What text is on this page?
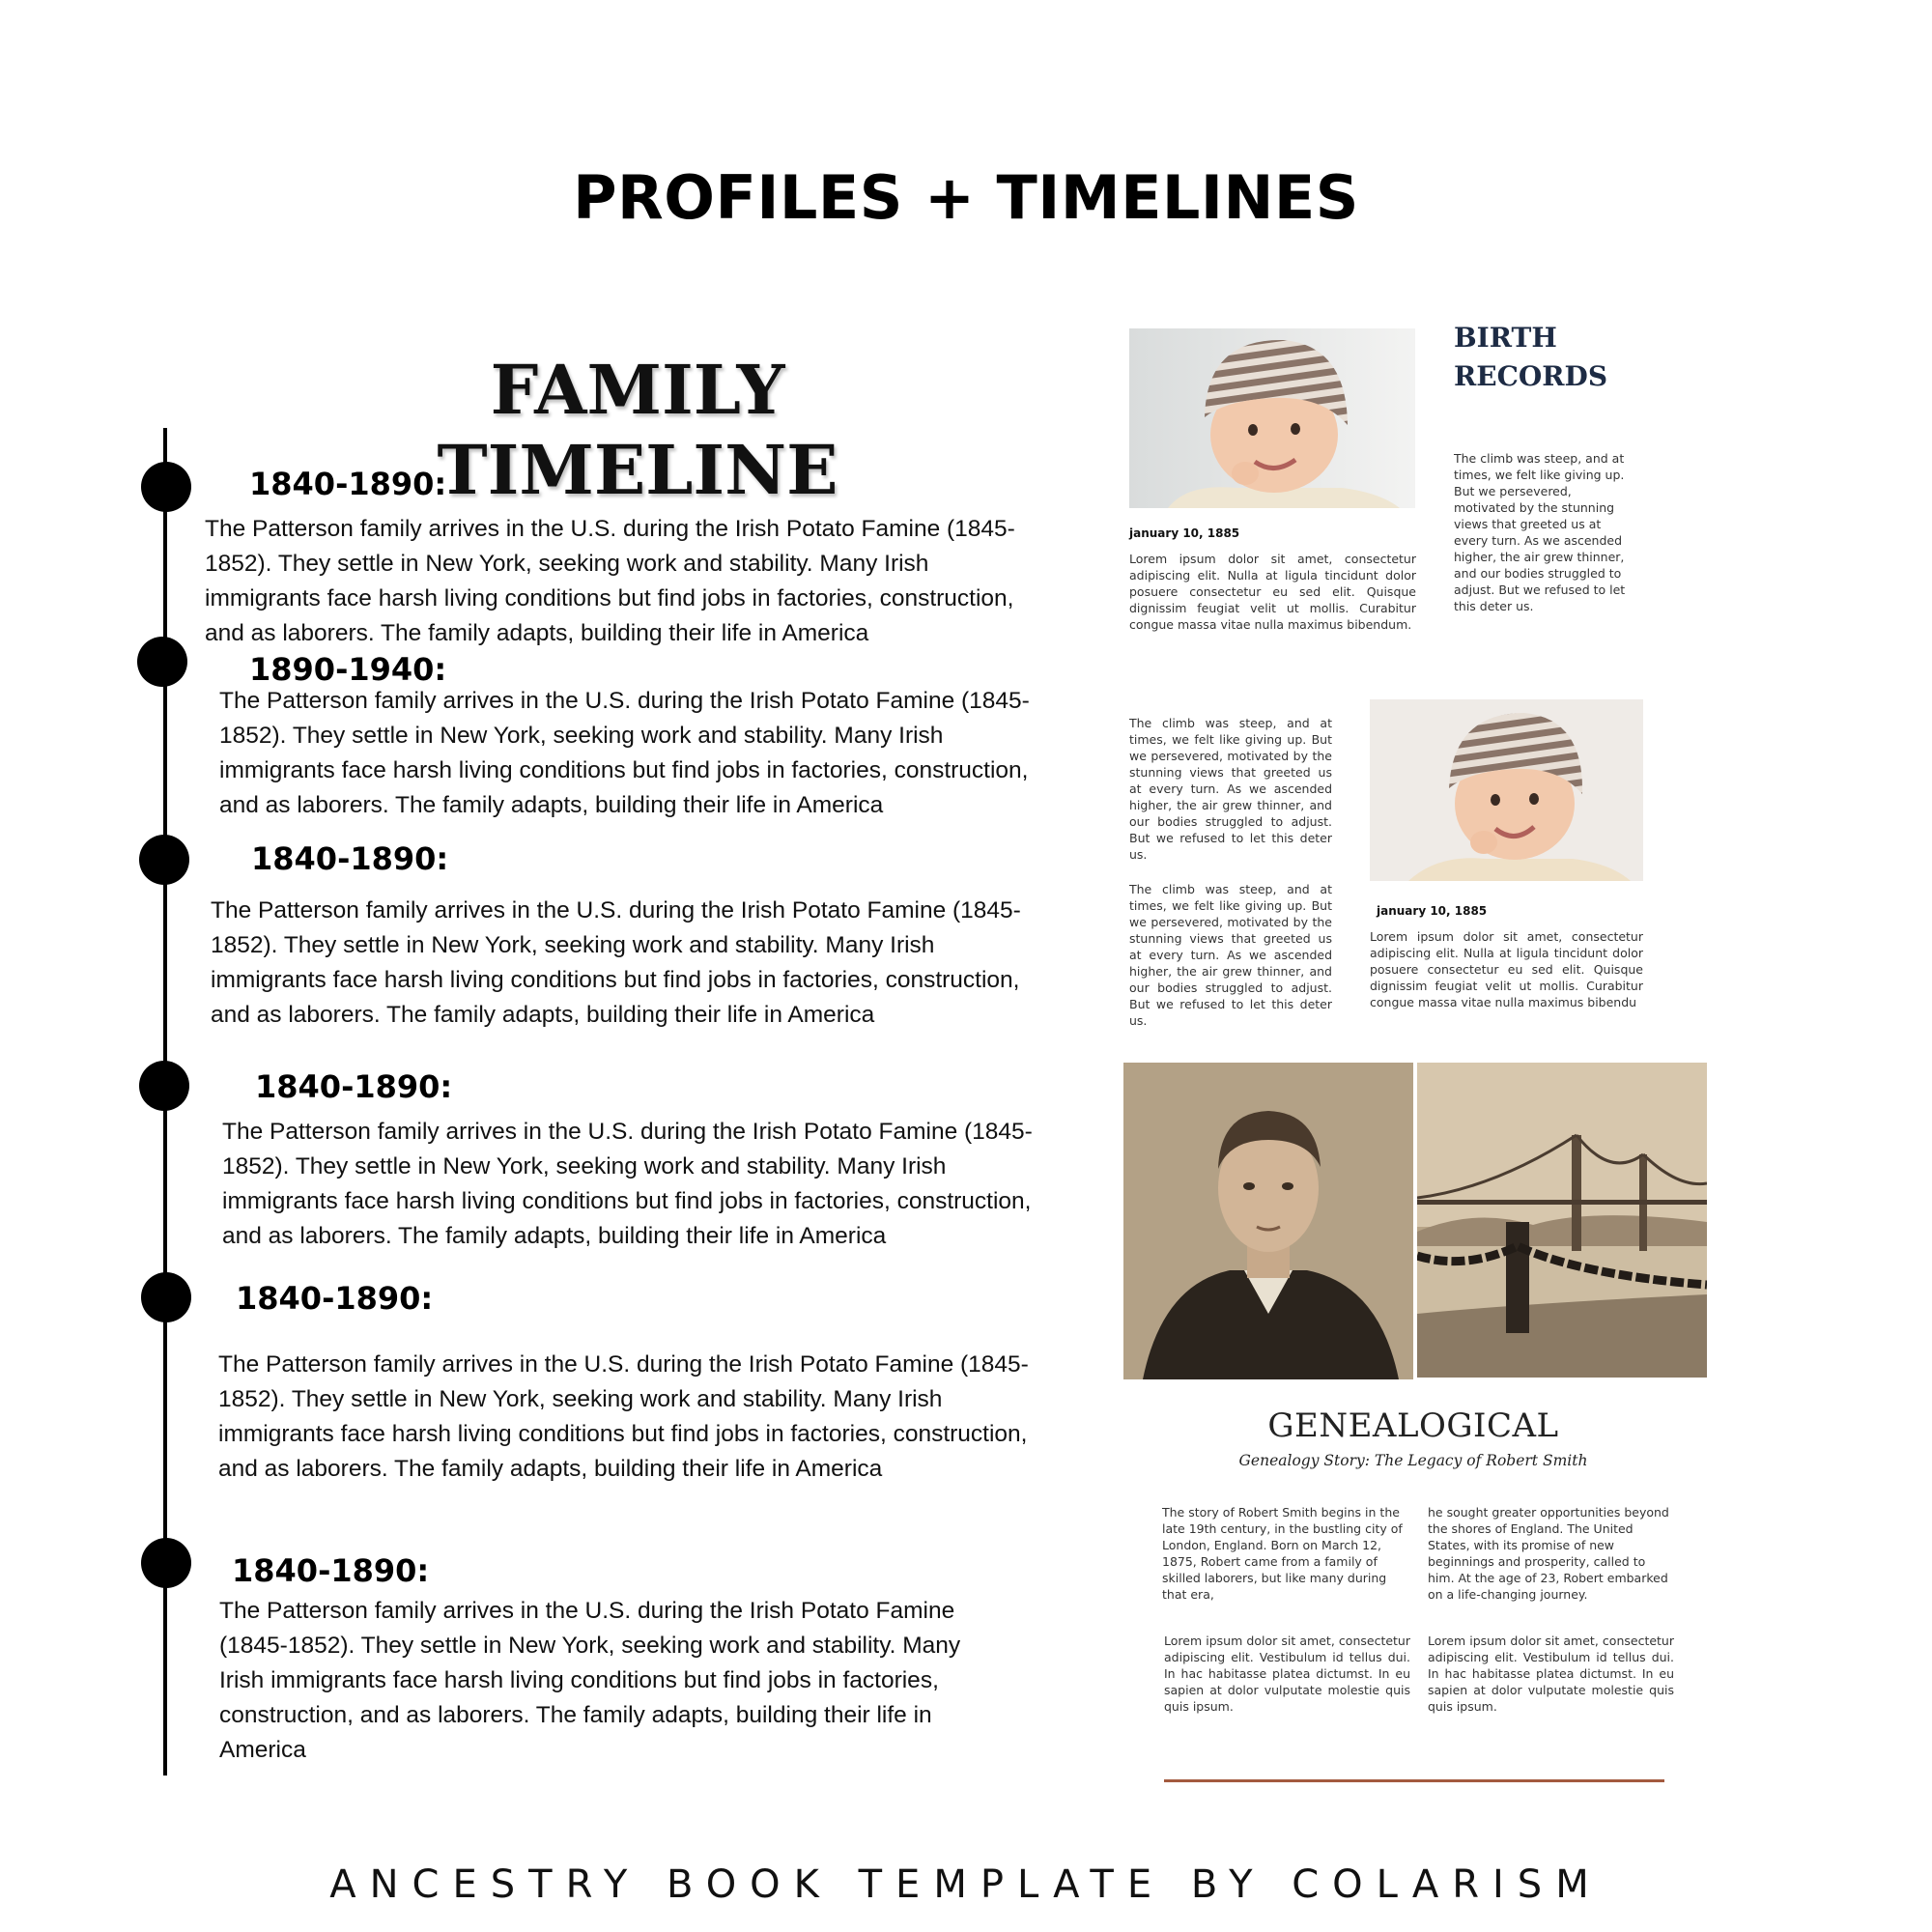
PROFILES + TIMELINES
FAMILY TIMELINE
1840-1890:
The Patterson family arrives in the U.S. during the Irish Potato Famine (1845-1852). They settle in New York, seeking work and stability. Many Irish immigrants face harsh living conditions but find jobs in factories, construction, and as laborers. The family adapts, building their life in America
1890-1940:
The Patterson family arrives in the U.S. during the Irish Potato Famine (1845-1852). They settle in New York, seeking work and stability. Many Irish immigrants face harsh living conditions but find jobs in factories, construction, and as laborers. The family adapts, building their life in America
1840-1890:
The Patterson family arrives in the U.S. during the Irish Potato Famine (1845-1852). They settle in New York, seeking work and stability. Many Irish immigrants face harsh living conditions but find jobs in factories, construction, and as laborers. The family adapts, building their life in America
1840-1890:
The Patterson family arrives in the U.S. during the Irish Potato Famine (1845-1852). They settle in New York, seeking work and stability. Many Irish immigrants face harsh living conditions but find jobs in factories, construction, and as laborers. The family adapts, building their life in America
1840-1890:
The Patterson family arrives in the U.S. during the Irish Potato Famine (1845-1852). They settle in New York, seeking work and stability. Many Irish immigrants face harsh living conditions but find jobs in factories, construction, and as laborers. The family adapts, building their life in America
1840-1890:
The Patterson family arrives in the U.S. during the Irish Potato Famine (1845-1852). They settle in New York, seeking work and stability. Many Irish immigrants face harsh living conditions but find jobs in factories, construction, and as laborers. The family adapts, building their life in America
BIRTH
RECORDS
The climb was steep, and at times, we felt like giving up. But we persevered, motivated by the stunning views that greeted us at every turn. As we ascended higher, the air grew thinner, and our bodies struggled to adjust. But we refused to let this deter us.
january 10, 1885
Lorem ipsum dolor sit amet, consectetur adipiscing elit. Nulla at ligula tincidunt dolor posuere consectetur eu sed elit. Quisque dignissim feugiat velit ut mollis. Curabitur congue massa vitae nulla maximus bibendum.
The climb was steep, and at times, we felt like giving up. But we persevered, motivated by the stunning views that greeted us at every turn. As we ascended higher, the air grew thinner, and our bodies struggled to adjust. But we refused to let this deter us.
The climb was steep, and at times, we felt like giving up. But we persevered, motivated by the stunning views that greeted us at every turn. As we ascended higher, the air grew thinner, and our bodies struggled to adjust. But we refused to let this deter us.
january 10, 1885
Lorem ipsum dolor sit amet, consectetur adipiscing elit. Nulla at ligula tincidunt dolor posuere consectetur eu sed elit. Quisque dignissim feugiat velit ut mollis. Curabitur congue massa vitae nulla maximus bibendu
GENEALOGICAL
Genealogy Story: The Legacy of Robert Smith
The story of Robert Smith begins in the late 19th century, in the bustling city of London, England. Born on March 12, 1875, Robert came from a family of skilled laborers, but like many during that era,
he sought greater opportunities beyond the shores of England. The United States, with its promise of new beginnings and prosperity, called to him. At the age of 23, Robert embarked on a life-changing journey.
Lorem ipsum dolor sit amet, consectetur adipiscing elit. Vestibulum id tellus dui. In hac habitasse platea dictumst. In eu sapien at dolor vulputate molestie quis quis ipsum.
Lorem ipsum dolor sit amet, consectetur adipiscing elit. Vestibulum id tellus dui. In hac habitasse platea dictumst. In eu sapien at dolor vulputate molestie quis quis ipsum.
ANCESTRY BOOK TEMPLATE BY COLARISM
